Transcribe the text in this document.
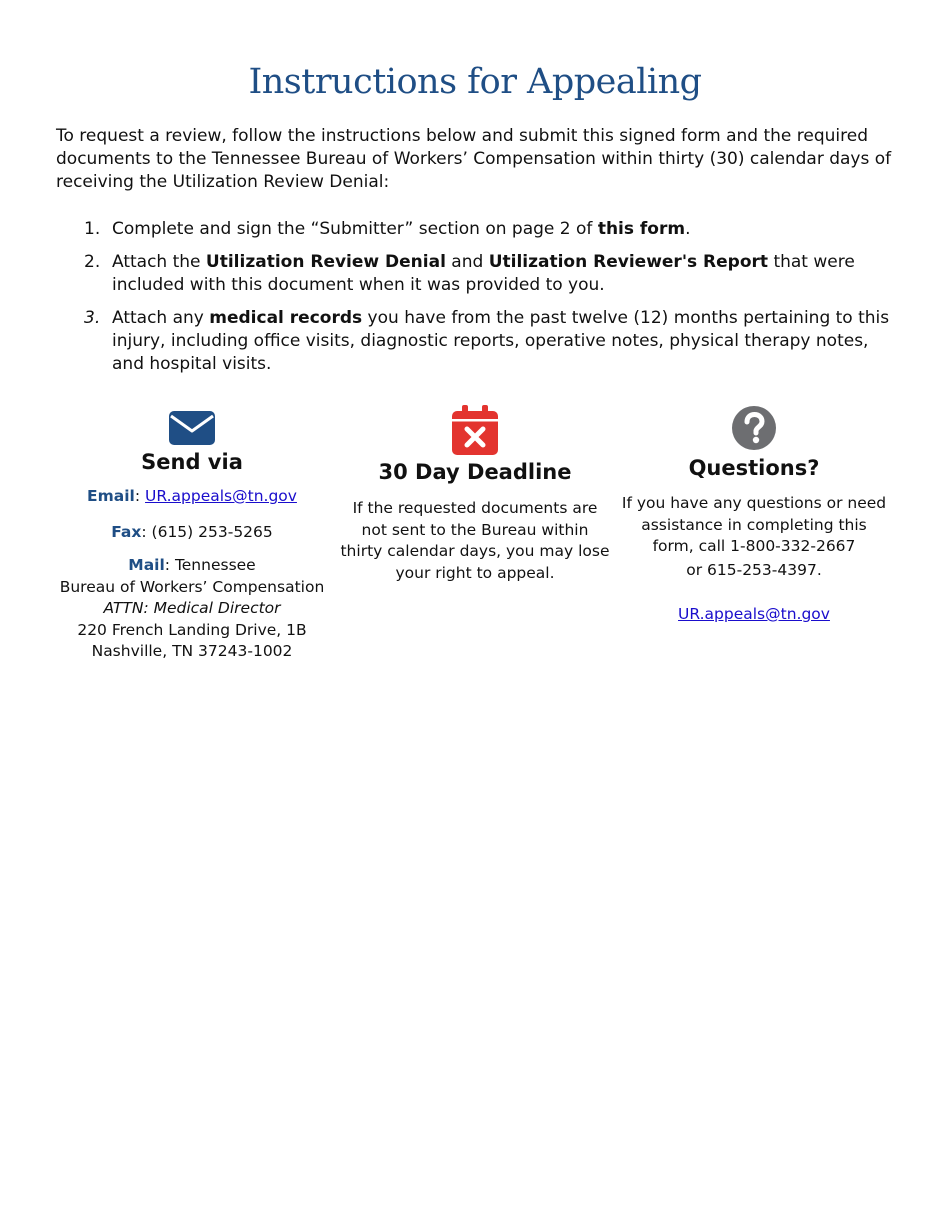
Instructions for Appealing

To request a review, follow the instructions below and submit this signed form and the required documents to the Tennessee Bureau of Workers’ Compensation within thirty (30) calendar days of receiving the Utilization Review Denial:

1. Complete and sign the “Submitter” section on page 2 of this form.
2. Attach the Utilization Review Denial and Utilization Reviewer's Report that were included with this document when it was provided to you.
3. Attach any medical records you have from the past twelve (12) months pertaining to this injury, including office visits, diagnostic reports, operative notes, physical therapy notes, and hospital visits.

Send via

Email: UR.appeals@tn.gov

Fax: (615) 253-5265

Mail: Tennessee
Bureau of Workers’ Compensation
ATTN: Medical Director
220 French Landing Drive, 1B
Nashville, TN 37243-1002

30 Day Deadline

If the requested documents are not sent to the Bureau within thirty calendar days, you may lose your right to appeal.

Questions?

If you have any questions or need assistance in completing this form, call 1-800-332-2667

or 615-253-4397.

UR.appeals@tn.gov
